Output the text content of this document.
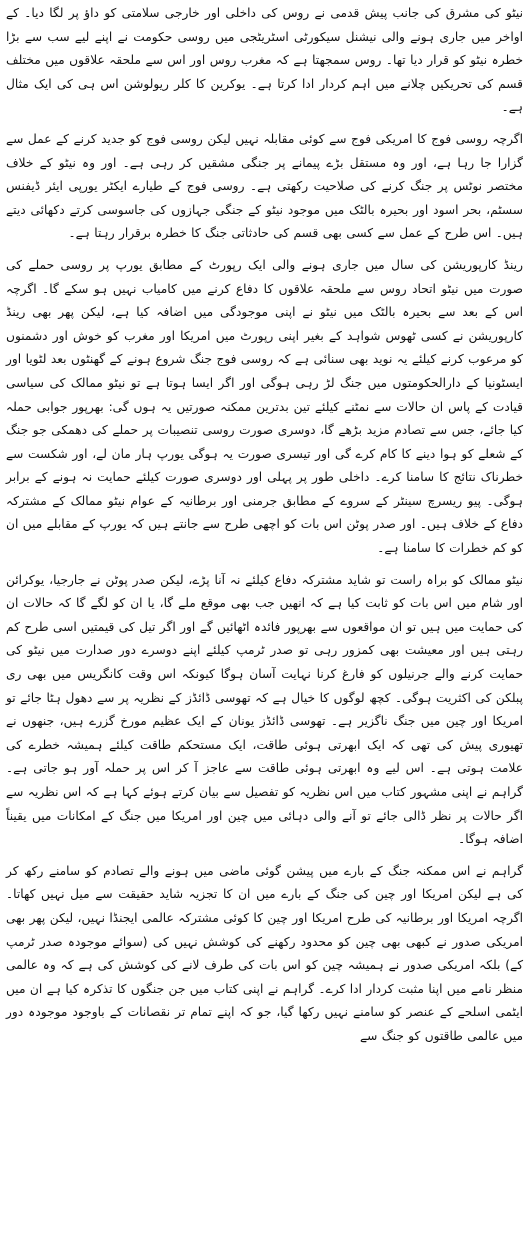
نیٹو کی مشرق کی جانب پیش قدمی نے روس کی داخلی اور خارجی سلامتی کو داؤ پر لگا دیا۔ کے اواخر میں جاری ہونے والی نیشنل سیکورٹی اسٹریٹجی میں روسی حکومت نے اپنے لیے سب سے بڑا خطرہ نیٹو کو قرار دیا تھا۔ روس سمجھتا ہے کہ مغرب روس اور اس سے ملحقہ علاقوں میں مختلف قسم کی تحریکیں چلانے میں اہم کردار ادا کرتا ہے۔ یوکرین کا کلر ریولوشن اس ہی کی ایک مثال ہے۔

اگرچہ روسی فوج کا امریکی فوج سے کوئی مقابلہ نہیں لیکن روسی فوج کو جدید کرنے کے عمل سے گزارا جا رہا ہے، اور وہ مستقل بڑے پیمانے پر جنگی مشقیں کر رہی ہے۔ اور وہ نیٹو کے خلاف مختصر نوٹس پر جنگ کرنے کی صلاحیت رکھتی ہے۔ روسی فوج کے طیارے ایکٹر یورپی ایئر ڈیفنس سسٹم، بحر اسود اور بحیرہ بالٹک میں موجود نیٹو کے جنگی جہازوں کی جاسوسی کرتے دکھائی دیتے ہیں۔ اس طرح کے عمل سے کسی بھی قسم کی حادثاتی جنگ کا خطرہ برقرار رہتا ہے۔

رینڈ کارپوریشن کی سال میں جاری ہونے والی ایک رپورٹ کے مطابق یورپ پر روسی حملے کی صورت میں نیٹو اتحاد روس سے ملحقہ علاقوں کا دفاع کرنے میں کامیاب نہیں ہو سکے گا۔ اگرچہ اس کے بعد سے بحیرہ بالٹک میں نیٹو نے اپنی موجودگی میں اضافہ کیا ہے، لیکن پھر بھی رینڈ کارپوریشن نے کسی ٹھوس شواہد کے بغیر اپنی رپورٹ میں امریکا اور مغرب کو خوش اور دشمنوں کو مرعوب کرنے کیلئے یہ نوید بھی سنائی ہے کہ روسی فوج جنگ شروع ہونے کے گھنٹوں بعد لٹویا اور ایسٹونیا کے دارالحکومتوں میں جنگ لڑ رہی ہوگی اور اگر ایسا ہوتا ہے تو نیٹو ممالک کی سیاسی قیادت کے پاس ان حالات سے نمٹنے کیلئے تین بدترین ممکنہ صورتیں یہ ہوں گی: بھرپور جوابی حملہ کیا جائے، جس سے تصادم مزید بڑھے گا، دوسری صورت روسی تنصیبات پر حملے کی دھمکی جو جنگ کے شعلے کو ہوا دینے کا کام کرے گی اور تیسری صورت یہ ہوگی یورپ ہار مان لے، اور شکست سے خطرناک نتائج کا سامنا کرے۔ داخلی طور پر پہلی اور دوسری صورت کیلئے حمایت نہ ہونے کے برابر ہوگی۔ پیو ریسرچ سینٹر کے سروے کے مطابق جرمنی اور برطانیہ کے عوام نیٹو ممالک کے مشترکہ دفاع کے خلاف ہیں۔ اور صدر پوٹن اس بات کو اچھی طرح سے جانتے ہیں کہ یورپ کے مقابلے میں ان کو کم خطرات کا سامنا ہے۔

نیٹو ممالک کو براہ راست تو شاید مشترکہ دفاع کیلئے نہ آنا پڑے، لیکن صدر پوٹن نے جارجیا، یوکرائن اور شام میں اس بات کو ثابت کیا ہے کہ انھیں جب بھی موقع ملے گا، یا ان کو لگے گا کہ حالات ان کی حمایت میں ہیں تو ان مواقعوں سے بھرپور فائدہ اٹھائیں گے اور اگر تیل کی قیمتیں اسی طرح کم رہتی ہیں اور معیشت بھی کمزور رہی تو صدر ٹرمپ کیلئے اپنے دوسرے دور صدارت میں نیٹو کی حمایت کرنے والے جرنیلوں کو فارغ کرنا نہایت آسان ہوگا کیونکہ اس وقت کانگریس میں بھی ری پبلکن کی اکثریت ہوگی۔ کچھ لوگوں کا خیال ہے کہ تھوسی ڈائڈز کے نظریہ پر سے دھول ہٹا جائے تو امریکا اور چین میں جنگ ناگزیر ہے۔ تھوسی ڈائڈز یونان کے ایک عظیم مورخ گزرے ہیں، جنھوں نے تھیوری پیش کی تھی کہ ایک ابھرتی ہوئی طاقت، ایک مستحکم طاقت کیلئے ہمیشہ خطرے کی علامت ہوتی ہے۔ اس لیے وہ ابھرتی ہوئی طاقت سے عاجز آ کر اس پر حملہ آور ہو جاتی ہے۔ گراہم نے اپنی مشہور کتاب میں اس نظریہ کو تفصیل سے بیان کرتے ہوئے کہا ہے کہ اس نظریہ سے اگر حالات پر نظر ڈالی جائے تو آنے والی دہائی میں چین اور امریکا میں جنگ کے امکانات میں یقیناً اضافہ ہوگا۔

گراہم نے اس ممکنہ جنگ کے بارے میں پیشن گوئی ماضی میں ہونے والے تصادم کو سامنے رکھ کر کی ہے لیکن امریکا اور چین کی جنگ کے بارے میں ان کا تجزیہ شاید حقیقت سے میل نہیں کھاتا۔ اگرچہ امریکا اور برطانیہ کی طرح امریکا اور چین کا کوئی مشترکہ عالمی ایجنڈا نہیں، لیکن پھر بھی امریکی صدور نے کبھی بھی چین کو محدود رکھنے کی کوشش نہیں کی (سوائے موجودہ صدر ٹرمپ کے) بلکہ امریکی صدور نے ہمیشہ چین کو اس بات کی طرف لانے کی کوشش کی ہے کہ وہ عالمی منظر نامے میں اپنا مثبت کردار ادا کرے۔ گراہم نے اپنی کتاب میں جن جنگوں کا تذکرہ کیا ہے ان میں ایٹمی اسلحے کے عنصر کو سامنے نہیں رکھا گیا، جو کہ اپنے تمام تر نقصانات کے باوجود موجودہ دور میں عالمی طاقتوں کو جنگ سے
